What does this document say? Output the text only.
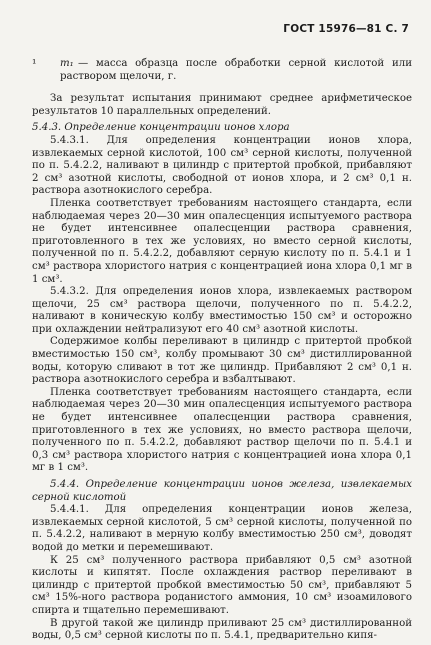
ГОСТ 15976—81 С. 7
¹	m₁ — масса образца после обработки серной кислотой или раствором щелочи, г.

За результат испытания принимают среднее арифметическое результатов 10 параллельных определений.

5.4.3. Определение концентрации ионов хлора

5.4.3.1. Для определения концентрации ионов хлора, извлекаемых серной кислотой, 100 см³ серной кислоты, полученной по п. 5.4.2.2, наливают в цилиндр с притертой пробкой, прибавляют 2 см³ азотной кислоты, свободной от ионов хлора, и 2 см³ 0,1 н. раствора азотнокислого серебра.

Пленка соответствует требованиям настоящего стандарта, если наблюдаемая через 20—30 мин опалесценция испытуемого раствора не будет интенсивнее опалесценции раствора сравнения, приготовленного в тех же условиях, но вместо серной кислоты, полученной по п. 5.4.2.2, добавляют серную кислоту по п. 5.4.1 и 1 см³ раствора хлористого натрия с концентрацией иона хлора 0,1 мг в 1 см³.

5.4.3.2. Для определения ионов хлора, извлекаемых раствором щелочи, 25 см³ раствора щелочи, полученного по п. 5.4.2.2, наливают в коническую колбу вместимостью 150 см³ и осторожно при охлаждении нейтрализуют его 40 см³ азотной кислоты.

Содержимое колбы переливают в цилиндр с притертой пробкой вместимостью 150 см³, колбу промывают 30 см³ дистиллированной воды, которую сливают в тот же цилиндр. Прибавляют 2 см³ 0,1 н. раствора азотнокислого серебра и взбалтывают.

Пленка соответствует требованиям настоящего стандарта, если наблюдаемая через 20—30 мин опалесценция испытуемого раствора не будет интенсивнее опалесценции раствора сравнения, приготовленного в тех же условиях, но вместо раствора щелочи, полученного по п. 5.4.2.2, добавляют раствор щелочи по п. 5.4.1 и 0,3 см³ раствора хлористого натрия с концентрацией иона хлора 0,1 мг в 1 см³.

5.4.4. Определение концентрации ионов железа, извлекаемых серной кислотой

5.4.4.1. Для определения концентрации ионов железа, извлекаемых серной кислотой, 5 см³ серной кислоты, полученной по п. 5.4.2.2, наливают в мерную колбу вместимостью 250 см³, доводят водой до метки и перемешивают.

К 25 см³ полученного раствора прибавляют 0,5 см³ азотной кислоты и кипятят. После охлаждения раствор переливают в цилиндр с притертой пробкой вместимостью 50 см³, прибавляют 5 см³ 15%-ного раствора роданистого аммония, 10 см³ изоамилового спирта и тщательно перемешивают.

В другой такой же цилиндр приливают 25 см³ дистиллированной воды, 0,5 см³ серной кислоты по п. 5.4.1, предварительно кипя-
